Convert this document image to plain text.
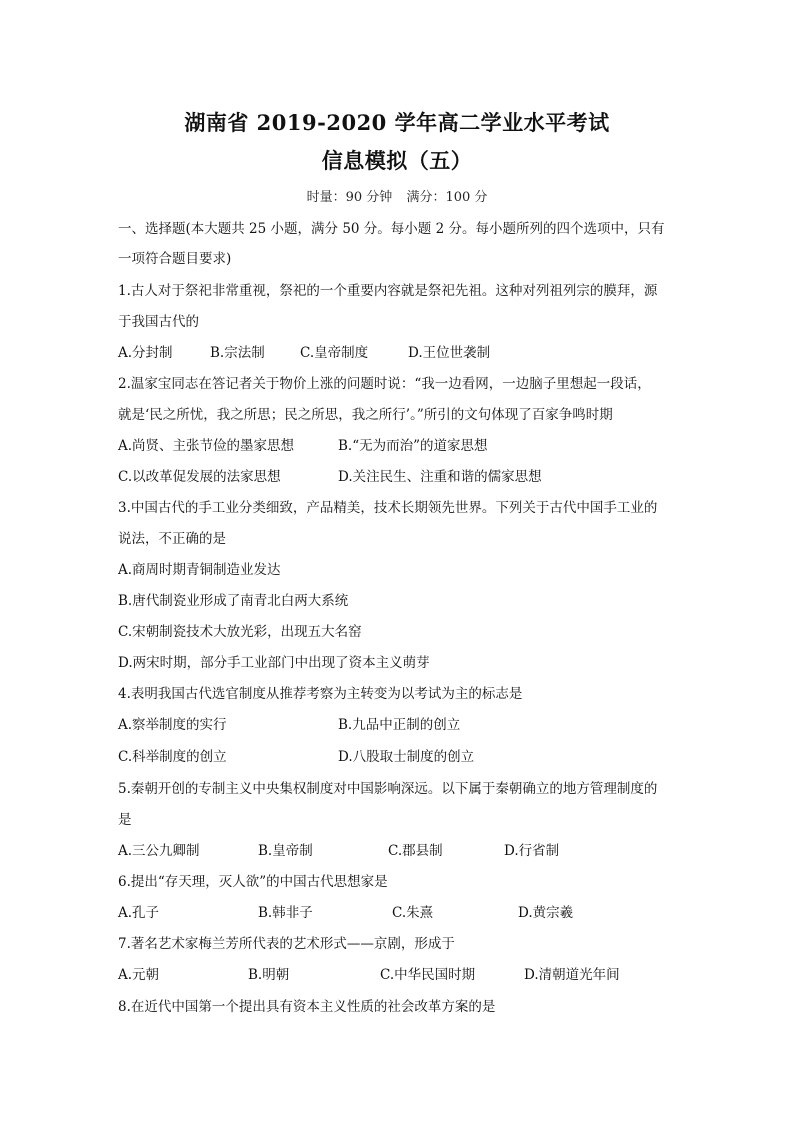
湖南省 2019-2020 学年高二学业水平考试
信息模拟（五）
时量：90 分钟 满分：100 分
一、选择题(本大题共 25 小题，满分 50 分。每小题 2 分。每小题所列的四个选项中，只有
一项符合题目要求)
1.古人对于祭祀非常重视，祭祀的一个重要内容就是祭祀先祖。这种对列祖列宗的膜拜，源
于我国古代的
A.分封制	B.宗法制	C.皇帝制度	D.王位世袭制
2.温家宝同志在答记者关于物价上涨的问题时说：“我一边看网，一边脑子里想起一段话，
就是‘民之所忧，我之所思；民之所思，我之所行’。”所引的文句体现了百家争鸣时期
A.尚贤、主张节俭的墨家思想	B.“无为而治”的道家思想
C.以改革促发展的法家思想	D.关注民生、注重和谐的儒家思想
3.中国古代的手工业分类细致，产品精美，技术长期领先世界。下列关于古代中国手工业的
说法，不正确的是
A.商周时期青铜制造业发达
B.唐代制瓷业形成了南青北白两大系统
C.宋朝制瓷技术大放光彩，出现五大名窑
D.两宋时期，部分手工业部门中出现了资本主义萌芽
4.表明我国古代选官制度从推荐考察为主转变为以考试为主的标志是
A.察举制度的实行	B.九品中正制的创立
C.科举制度的创立	D.八股取士制度的创立
5.秦朝开创的专制主义中央集权制度对中国影响深远。以下属于秦朝确立的地方管理制度的
是
A.三公九卿制	B.皇帝制	C.郡县制	D.行省制
6.提出“存天理，灭人欲”的中国古代思想家是
A.孔子	B.韩非子	C.朱熹	D.黄宗羲
7.著名艺术家梅兰芳所代表的艺术形式——京剧，形成于
A.元朝	B.明朝	C.中华民国时期	D.清朝道光年间
8.在近代中国第一个提出具有资本主义性质的社会改革方案的是
